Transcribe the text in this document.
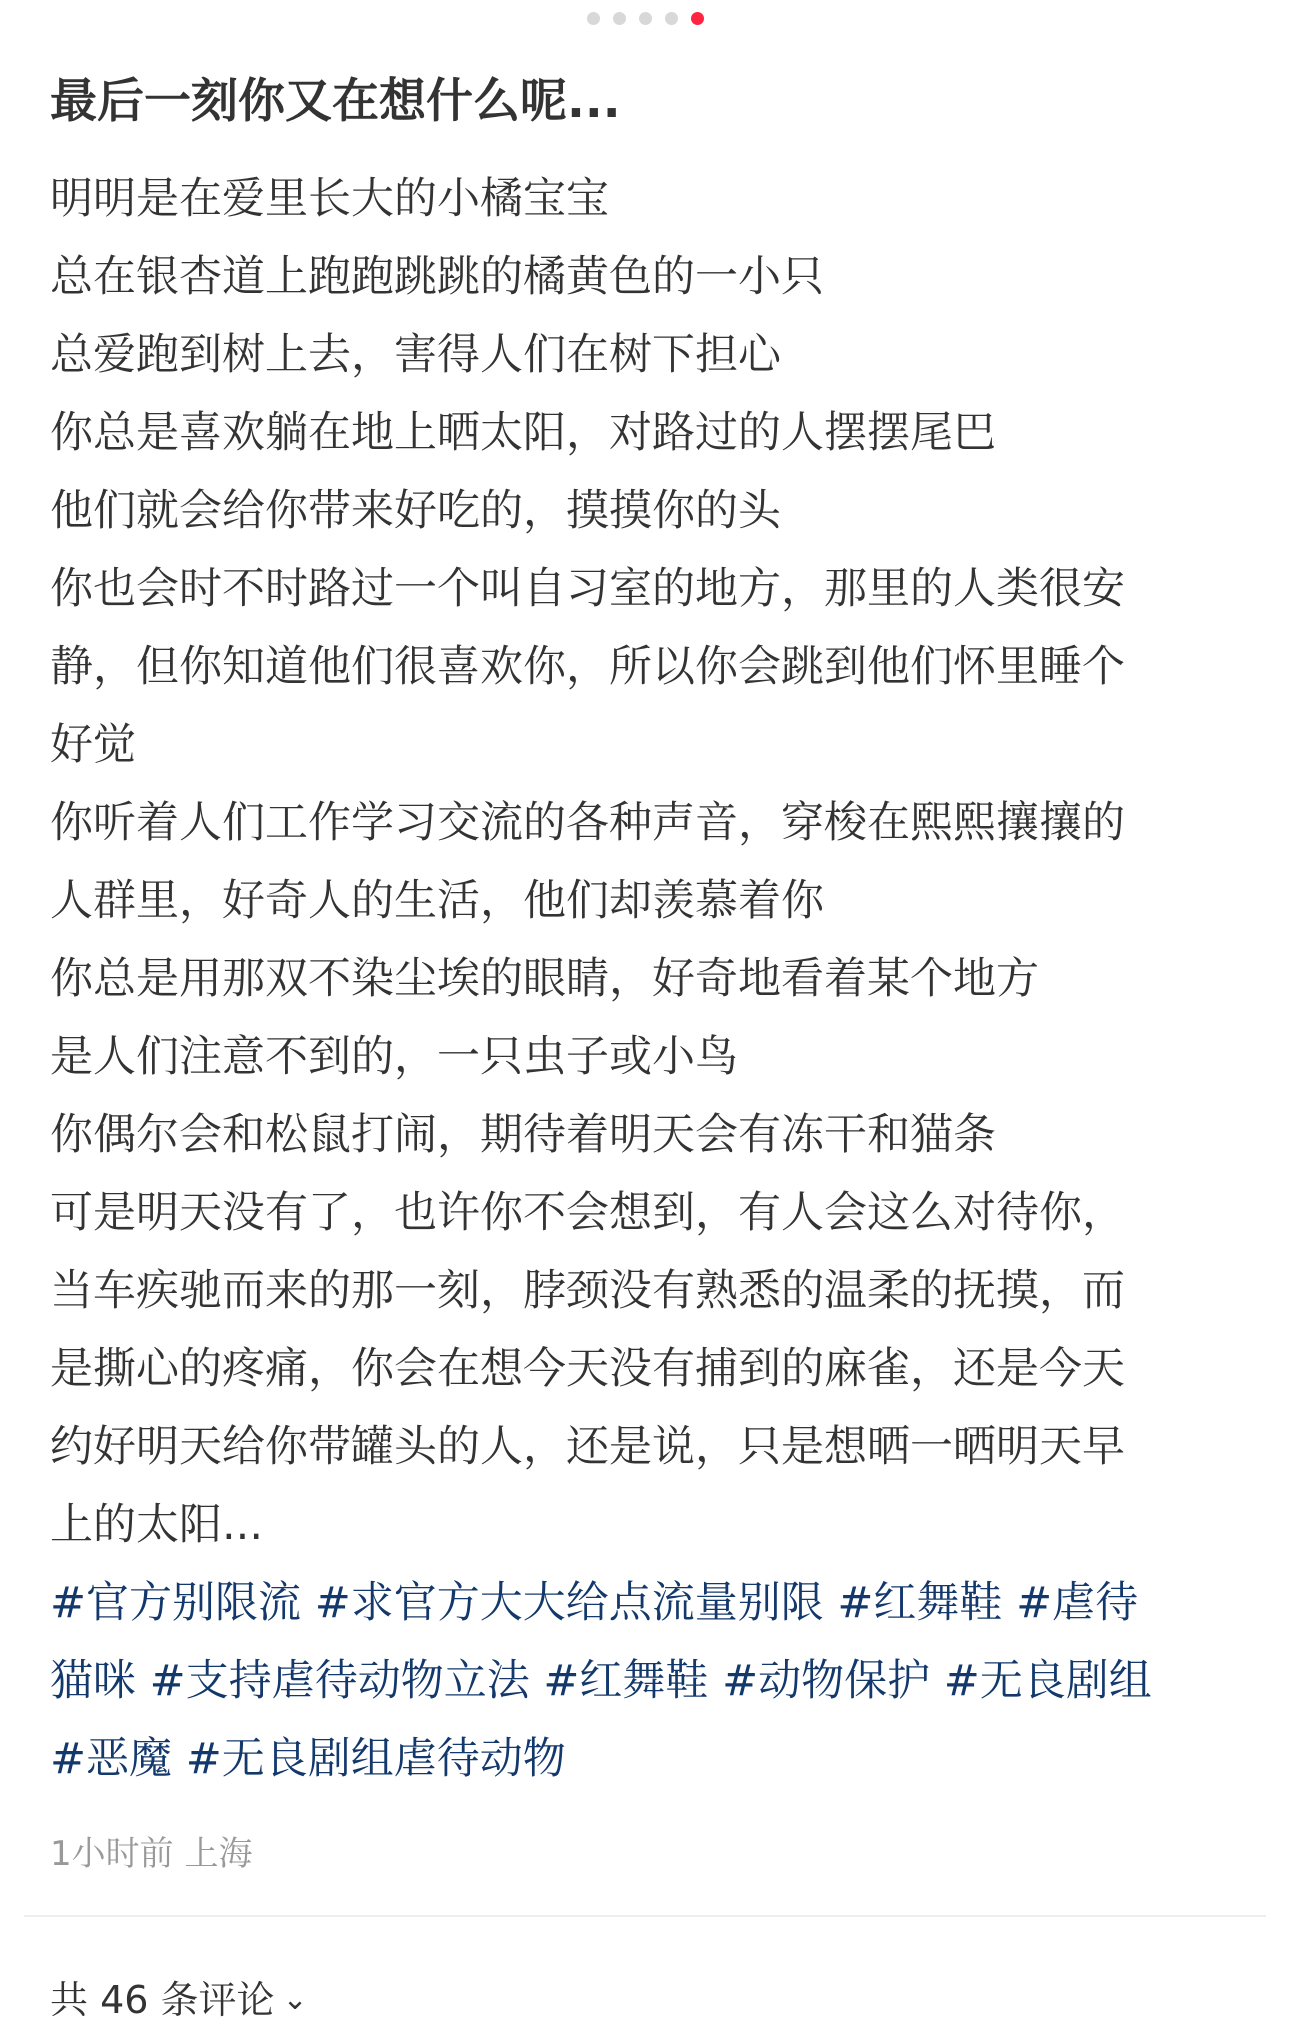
最后一刻你又在想什么呢...
明明是在爱里长大的小橘宝宝
总在银杏道上跑跑跳跳的橘黄色的一小只
总爱跑到树上去，害得人们在树下担心
你总是喜欢躺在地上晒太阳，对路过的人摆摆尾巴
他们就会给你带来好吃的，摸摸你的头
你也会时不时路过一个叫自习室的地方，那里的人类很安
静，但你知道他们很喜欢你，所以你会跳到他们怀里睡个
好觉
你听着人们工作学习交流的各种声音，穿梭在熙熙攘攘的
人群里，好奇人的生活，他们却羡慕着你
你总是用那双不染尘埃的眼睛，好奇地看着某个地方
是人们注意不到的，一只虫子或小鸟
你偶尔会和松鼠打闹，期待着明天会有冻干和猫条
可是明天没有了，也许你不会想到，有人会这么对待你，
当车疾驰而来的那一刻，脖颈没有熟悉的温柔的抚摸，而
是撕心的疼痛，你会在想今天没有捕到的麻雀，还是今天
约好明天给你带罐头的人，还是说，只是想晒一晒明天早
上的太阳...
#官方别限流 #求官方大大给点流量别限 #红舞鞋 #虐待
猫咪 #支持虐待动物立法 #红舞鞋 #动物保护 #无良剧组
#恶魔 #无良剧组虐待动物
1小时前 上海
共 46 条评论 ⌄
